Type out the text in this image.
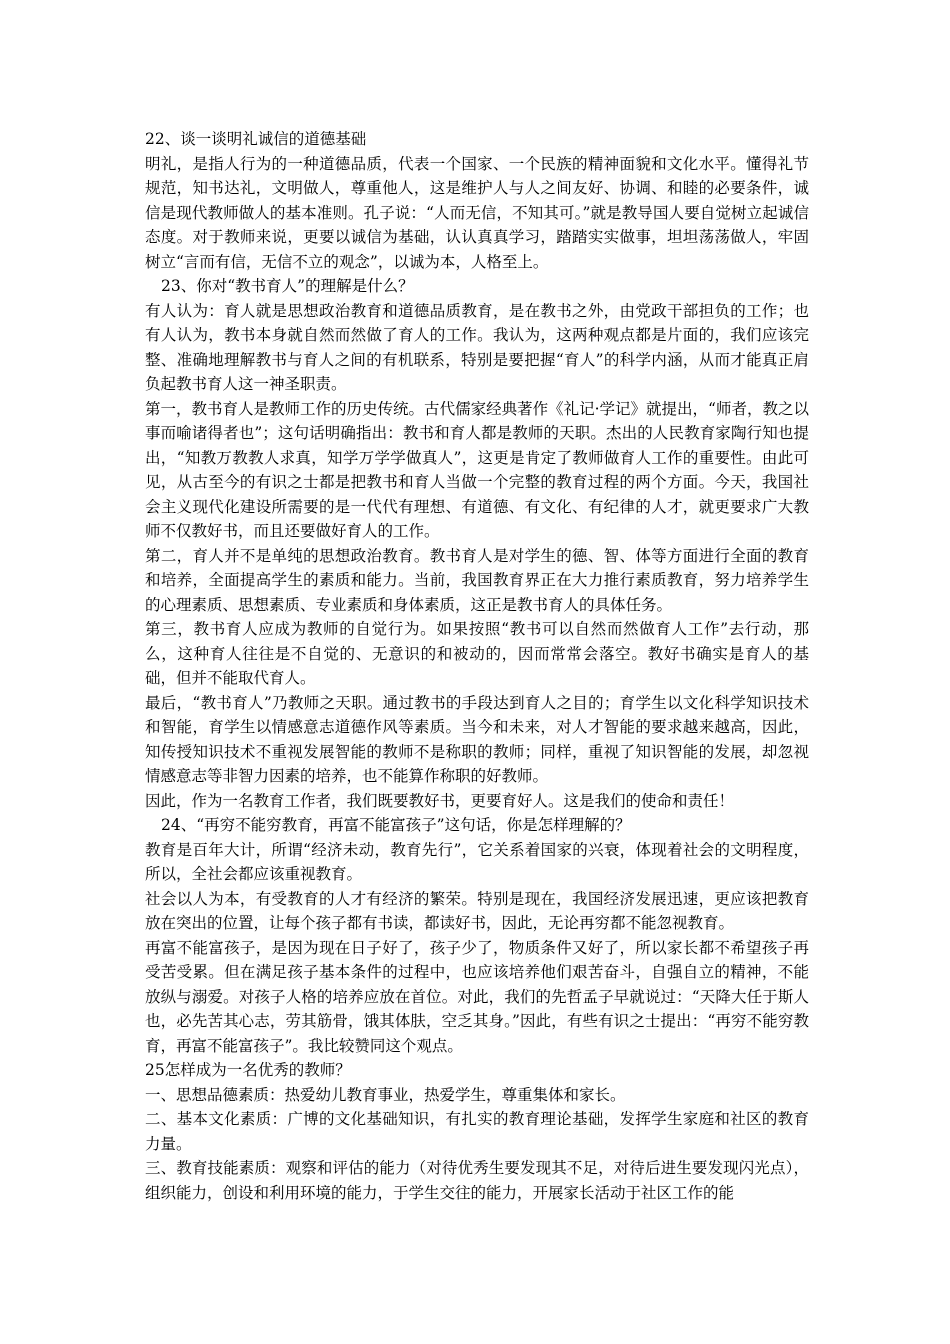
22、谈一谈明礼诚信的道德基础

明礼，是指人行为的一种道德品质，代表一个国家、一个民族的精神面貌和文化水平。懂得礼节规范，知书达礼，文明做人，尊重他人，这是维护人与人之间友好、协调、和睦的必要条件，诚信是现代教师做人的基本准则。孔子说：“人而无信，不知其可。”就是教导国人要自觉树立起诚信态度。对于教师来说，更要以诚信为基础，认认真真学习，踏踏实实做事，坦坦荡荡做人，牢固树立“言而有信，无信不立的观念”，以诚为本，人格至上。

23、你对“教书育人”的理解是什么？

有人认为：育人就是思想政治教育和道德品质教育，是在教书之外，由党政干部担负的工作；也有人认为，教书本身就自然而然做了育人的工作。我认为，这两种观点都是片面的，我们应该完整、准确地理解教书与育人之间的有机联系，特别是要把握“育人”的科学内涵，从而才能真正肩负起教书育人这一神圣职责。

第一，教书育人是教师工作的历史传统。古代儒家经典著作《礼记·学记》就提出，“师者，教之以事而喻诸得者也”；这句话明确指出：教书和育人都是教师的天职。杰出的人民教育家陶行知也提出，“知教万教教人求真，知学万学学做真人”，这更是肯定了教师做育人工作的重要性。由此可见，从古至今的有识之士都是把教书和育人当做一个完整的教育过程的两个方面。今天，我国社会主义现代化建设所需要的是一代代有理想、有道德、有文化、有纪律的人才，就更要求广大教师不仅教好书，而且还要做好育人的工作。

第二，育人并不是单纯的思想政治教育。教书育人是对学生的德、智、体等方面进行全面的教育和培养，全面提高学生的素质和能力。当前，我国教育界正在大力推行素质教育，努力培养学生的心理素质、思想素质、专业素质和身体素质，这正是教书育人的具体任务。

第三，教书育人应成为教师的自觉行为。如果按照“教书可以自然而然做育人工作”去行动，那么，这种育人往往是不自觉的、无意识的和被动的，因而常常会落空。教好书确实是育人的基础，但并不能取代育人。

最后，“教书育人”乃教师之天职。通过教书的手段达到育人之目的；育学生以文化科学知识技术和智能，育学生以情感意志道德作风等素质。当今和未来，对人才智能的要求越来越高，因此，知传授知识技术不重视发展智能的教师不是称职的教师；同样，重视了知识智能的发展，却忽视情感意志等非智力因素的培养，也不能算作称职的好教师。

因此，作为一名教育工作者，我们既要教好书，更要育好人。这是我们的使命和责任！

24、“再穷不能穷教育，再富不能富孩子”这句话，你是怎样理解的？

教育是百年大计，所谓“经济未动，教育先行”，它关系着国家的兴衰，体现着社会的文明程度，所以，全社会都应该重视教育。

社会以人为本，有受教育的人才有经济的繁荣。特别是现在，我国经济发展迅速，更应该把教育放在突出的位置，让每个孩子都有书读，都读好书，因此，无论再穷都不能忽视教育。

再富不能富孩子，是因为现在日子好了，孩子少了，物质条件又好了，所以家长都不希望孩子再受苦受累。但在满足孩子基本条件的过程中，也应该培养他们艰苦奋斗，自强自立的精神，不能放纵与溺爱。对孩子人格的培养应放在首位。对此，我们的先哲孟子早就说过：“天降大任于斯人也，必先苦其心志，劳其筋骨，饿其体肤，空乏其身。”因此，有些有识之士提出：“再穷不能穷教育，再富不能富孩子”。我比较赞同这个观点。

25怎样成为一名优秀的教师？

一、思想品德素质：热爱幼儿教育事业，热爱学生，尊重集体和家长。

二、基本文化素质：广博的文化基础知识，有扎实的教育理论基础，发挥学生家庭和社区的教育力量。

三、教育技能素质：观察和评估的能力（对待优秀生要发现其不足，对待后进生要发现闪光点），组织能力，创设和利用环境的能力，于学生交往的能力，开展家长活动于社区工作的能
